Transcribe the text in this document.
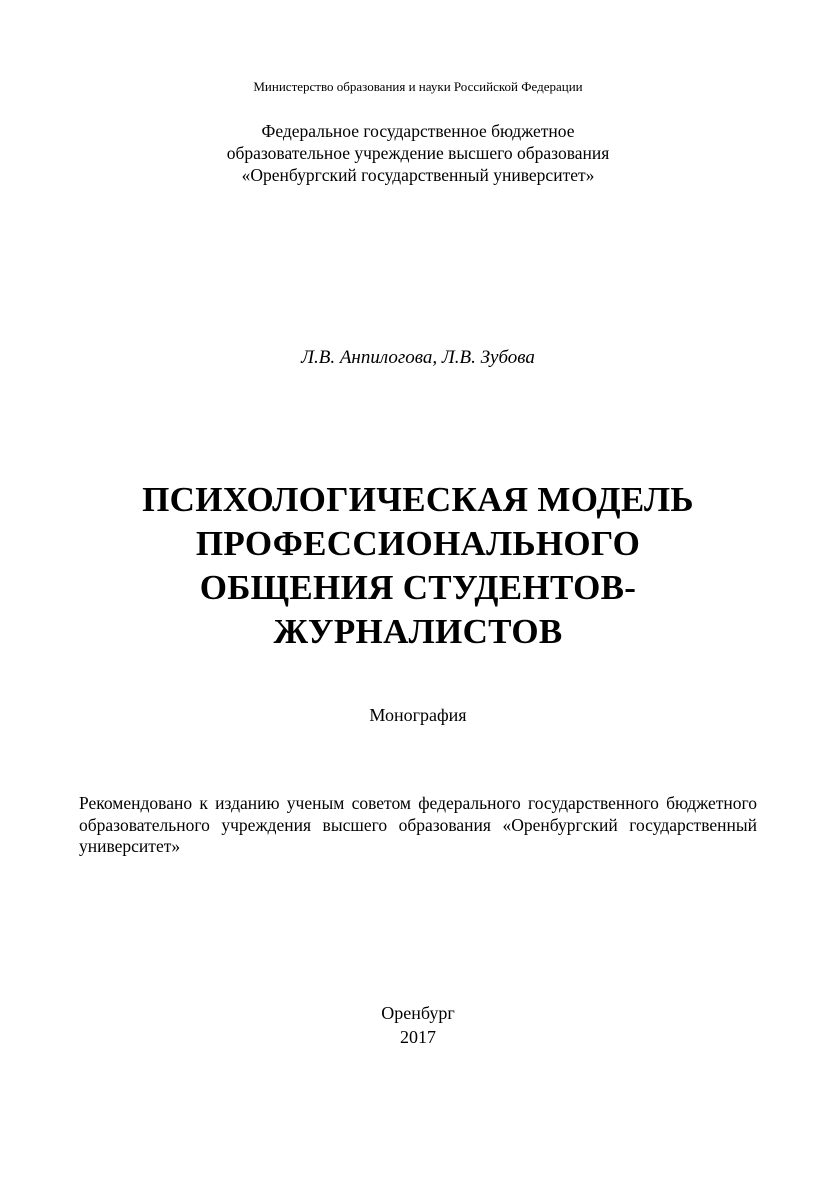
Министерство образования и науки Российской Федерации
Федеральное государственное бюджетное
образовательное учреждение высшего образования
«Оренбургский государственный университет»
Л.В. Анпилогова, Л.В. Зубова
ПСИХОЛОГИЧЕСКАЯ МОДЕЛЬ
ПРОФЕССИОНАЛЬНОГО
ОБЩЕНИЯ СТУДЕНТОВ-
ЖУРНАЛИСТОВ
Монография
Рекомендовано к изданию ученым советом федерального государственного бюджетного образовательного учреждения высшего образования «Оренбургский государственный университет»
Оренбург
2017
